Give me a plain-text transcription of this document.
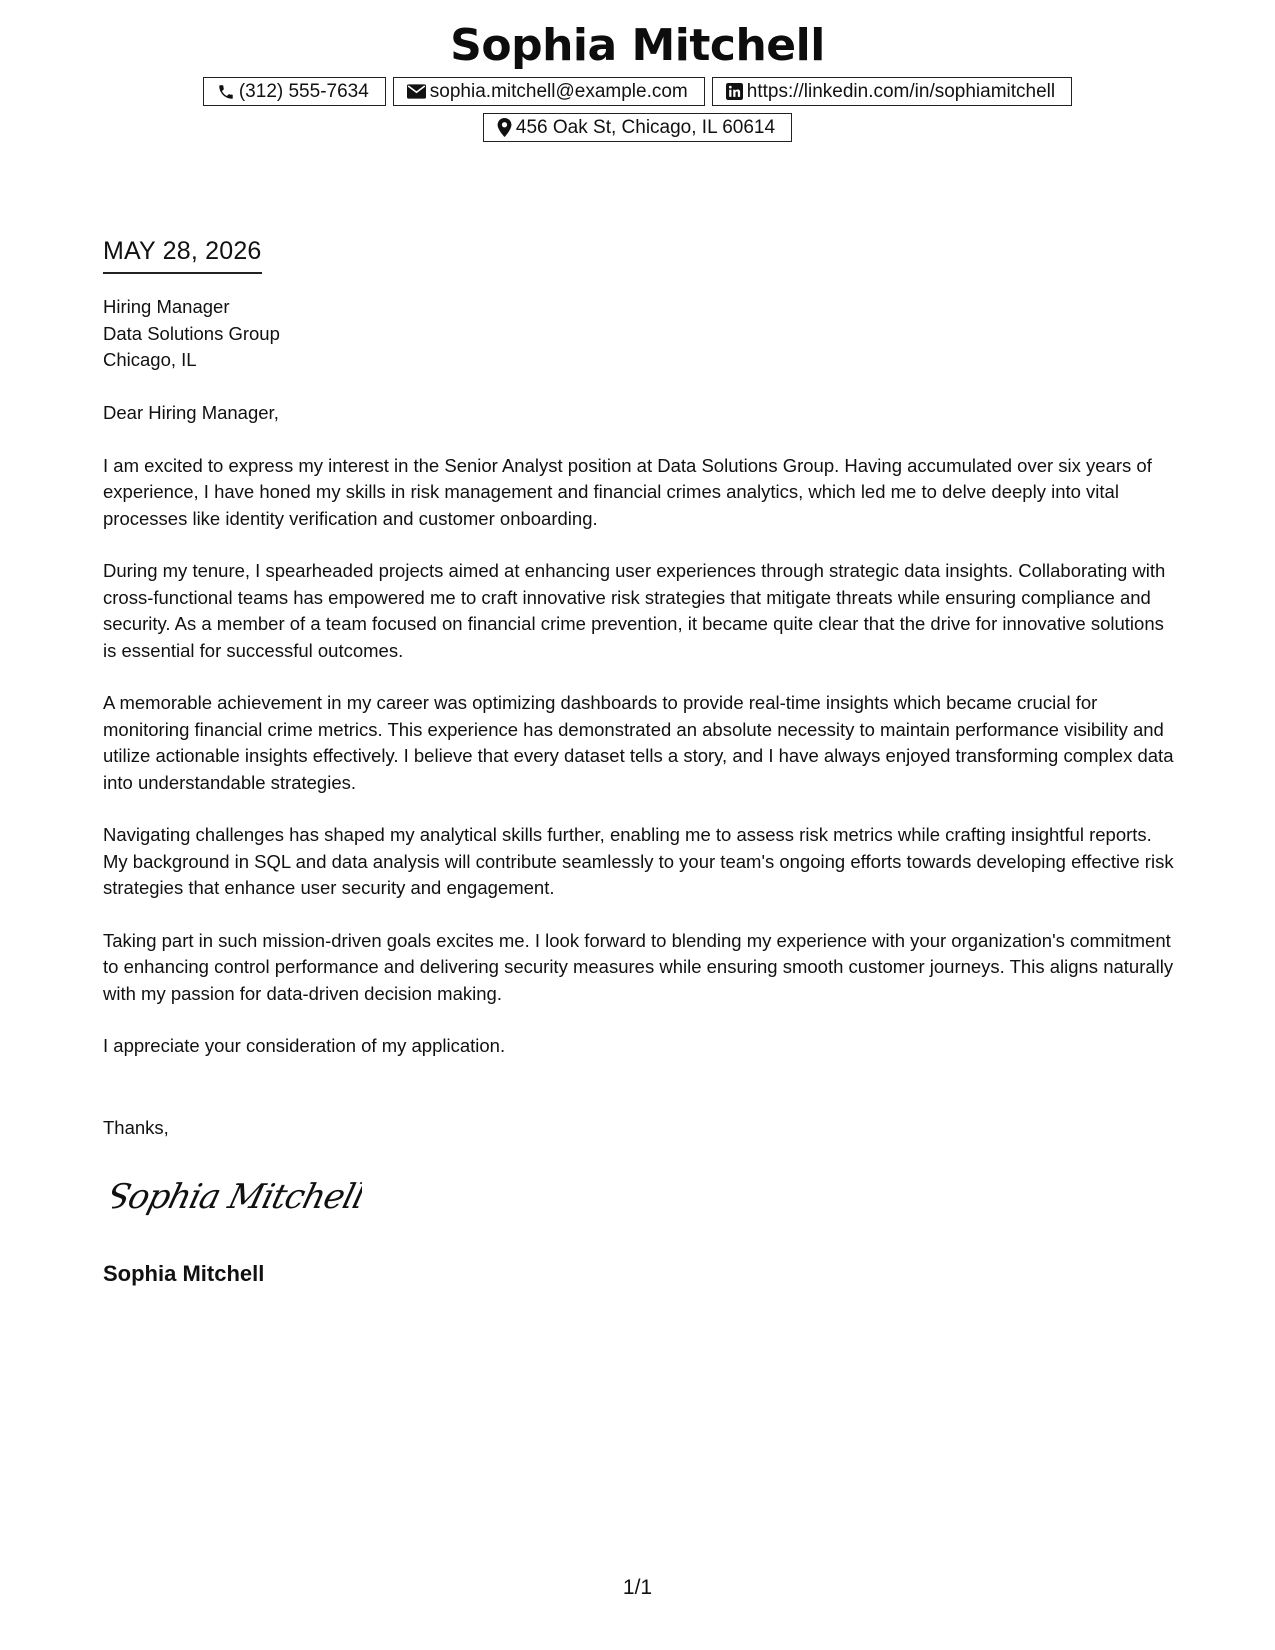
Sophia Mitchell
(312) 555-7634	sophia.mitchell@example.com	https://linkedin.com/in/sophiamitchell
456 Oak St, Chicago, IL 60614
MAY 28, 2026
Hiring Manager
Data Solutions Group
Chicago, IL

Dear Hiring Manager,

I am excited to express my interest in the Senior Analyst position at Data Solutions Group. Having accumulated over six years of experience, I have honed my skills in risk management and financial crimes analytics, which led me to delve deeply into vital processes like identity verification and customer onboarding.

During my tenure, I spearheaded projects aimed at enhancing user experiences through strategic data insights. Collaborating with cross-functional teams has empowered me to craft innovative risk strategies that mitigate threats while ensuring compliance and security. As a member of a team focused on financial crime prevention, it became quite clear that the drive for innovative solutions is essential for successful outcomes.

A memorable achievement in my career was optimizing dashboards to provide real-time insights which became crucial for monitoring financial crime metrics. This experience has demonstrated an absolute necessity to maintain performance visibility and utilize actionable insights effectively. I believe that every dataset tells a story, and I have always enjoyed transforming complex data into understandable strategies.

Navigating challenges has shaped my analytical skills further, enabling me to assess risk metrics while crafting insightful reports. My background in SQL and data analysis will contribute seamlessly to your team's ongoing efforts towards developing effective risk strategies that enhance user security and engagement.

Taking part in such mission-driven goals excites me. I look forward to blending my experience with your organization's commitment to enhancing control performance and delivering security measures while ensuring smooth customer journeys. This aligns naturally with my passion for data-driven decision making.

I appreciate your consideration of my application.

Thanks,
Sophia Mitchell
Sophia Mitchell
1/1
